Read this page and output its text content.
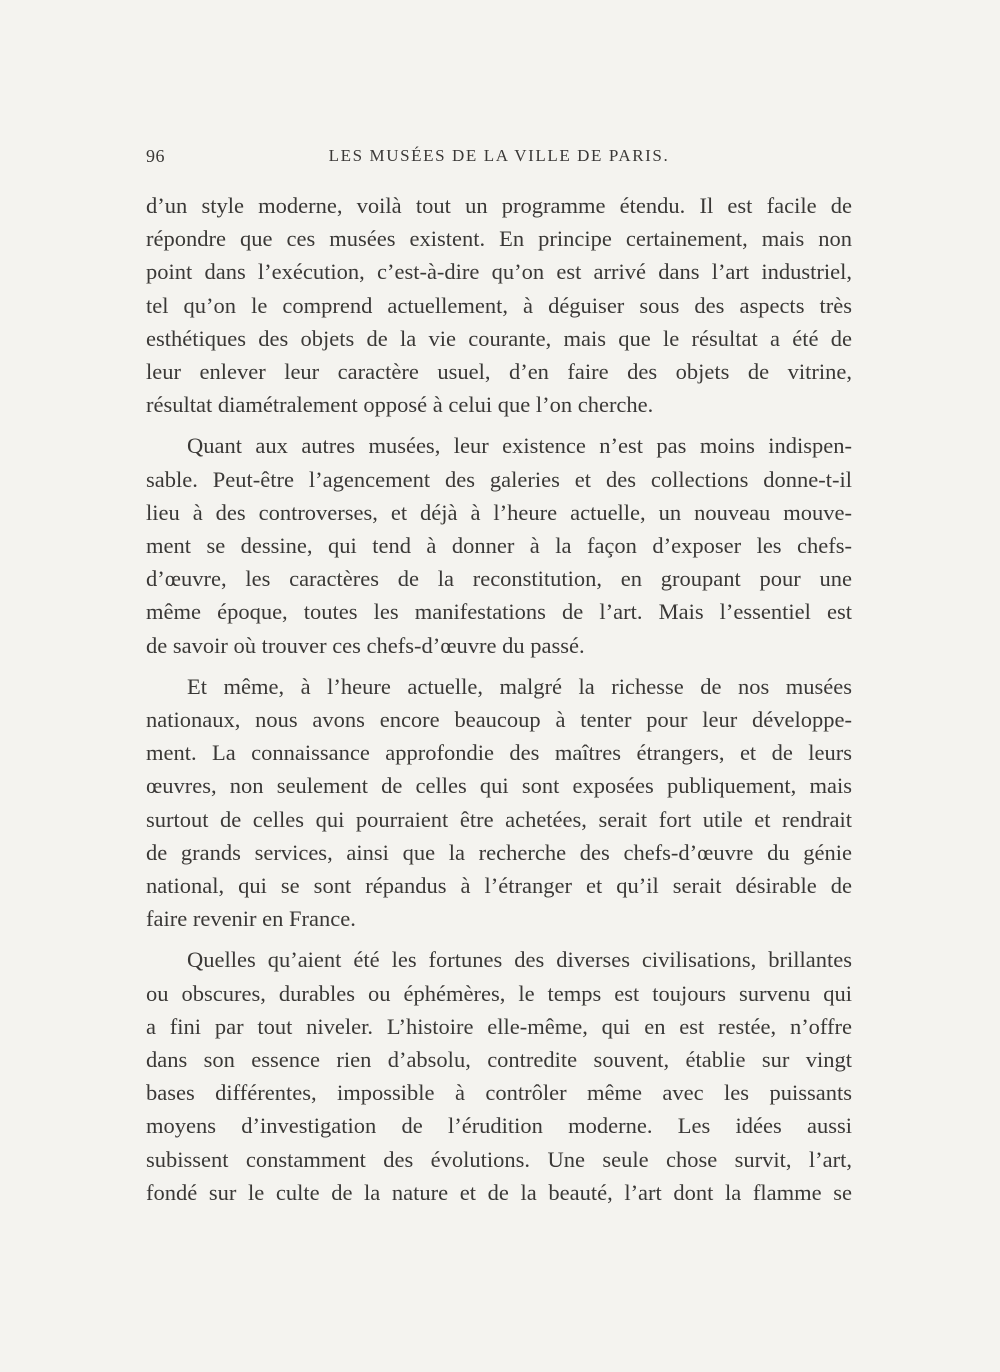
96	LES MUSÉES DE LA VILLE DE PARIS.
d’un style moderne, voilà tout un programme étendu. Il est facile de
répondre que ces musées existent. En principe certainement, mais non
point dans l’exécution, c’est-à-dire qu’on est arrivé dans l’art industriel,
tel qu’on le comprend actuellement, à déguiser sous des aspects très
esthétiques des objets de la vie courante, mais que le résultat a été de
leur enlever leur caractère usuel, d’en faire des objets de vitrine,
résultat diamétralement opposé à celui que l’on cherche.
Quant aux autres musées, leur existence n’est pas moins indispen-
sable. Peut-être l’agencement des galeries et des collections donne-t-il
lieu à des controverses, et déjà à l’heure actuelle, un nouveau mouve-
ment se dessine, qui tend à donner à la façon d’exposer les chefs-
d’œuvre, les caractères de la reconstitution, en groupant pour une
même époque, toutes les manifestations de l’art. Mais l’essentiel est
de savoir où trouver ces chefs-d’œuvre du passé.
Et même, à l’heure actuelle, malgré la richesse de nos musées
nationaux, nous avons encore beaucoup à tenter pour leur développe-
ment. La connaissance approfondie des maîtres étrangers, et de leurs
œuvres, non seulement de celles qui sont exposées publiquement, mais
surtout de celles qui pourraient être achetées, serait fort utile et rendrait
de grands services, ainsi que la recherche des chefs-d’œuvre du génie
national, qui se sont répandus à l’étranger et qu’il serait désirable de
faire revenir en France.
Quelles qu’aient été les fortunes des diverses civilisations, brillantes
ou obscures, durables ou éphémères, le temps est toujours survenu qui
a fini par tout niveler. L’histoire elle-même, qui en est restée, n’offre
dans son essence rien d’absolu, contredite souvent, établie sur vingt
bases différentes, impossible à contrôler même avec les puissants
moyens d’investigation de l’érudition moderne. Les idées aussi
subissent constamment des évolutions. Une seule chose survit, l’art,
fondé sur le culte de la nature et de la beauté, l’art dont la flamme se
